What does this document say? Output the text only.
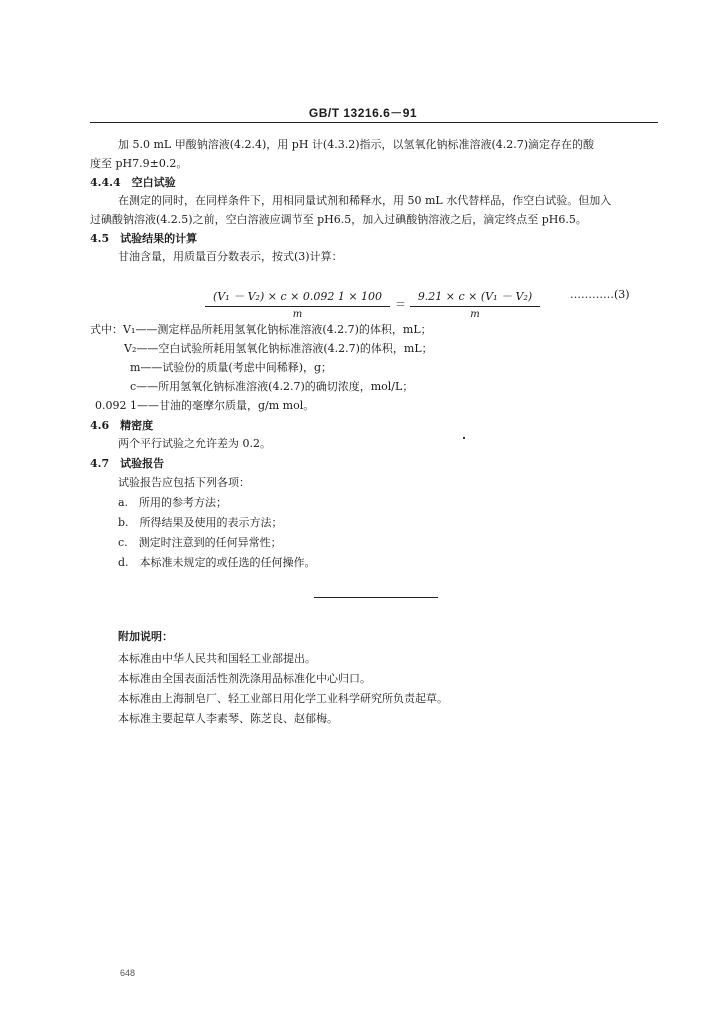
GB/T 13216.6－91
加 5.0 mL 甲酸钠溶液(4.2.4)，用 pH 计(4.3.2)指示，以氢氧化钠标准溶液(4.2.7)滴定存在的酸
度至 pH7.9±0.2。
4.4.4　空白试验
在测定的同时，在同样条件下，用相同量试剂和稀释水，用 50 mL 水代替样品，作空白试验。但加入
过碘酸钠溶液(4.2.5)之前，空白溶液应调节至 pH6.5，加入过碘酸钠溶液之后，滴定终点至 pH6.5。
4.5　试验结果的计算
甘油含量，用质量百分数表示，按式(3)计算：
(V₁ － V₂) × c × 0.092 1 × 100
m
＝
9.21 × c × (V₁ － V₂)
m
…………(3)
式中：V₁——测定样品所耗用氢氧化钠标准溶液(4.2.7)的体积，mL；
V₂——空白试验所耗用氢氧化钠标准溶液(4.2.7)的体积，mL；
m——试验份的质量(考虑中间稀释)，g；
c——所用氢氧化钠标准溶液(4.2.7)的确切浓度，mol/L；
0.092 1——甘油的毫摩尔质量，g/m mol。
4.6　精密度
两个平行试验之允许差为 0.2。
4.7　试验报告
试验报告应包括下列各项：
a.　所用的参考方法；
b.　所得结果及使用的表示方法；
c.　测定时注意到的任何异常性；
d.　本标准未规定的或任选的任何操作。
附加说明：
本标准由中华人民共和国轻工业部提出。
本标准由全国表面活性剂洗涤用品标准化中心归口。
本标准由上海制皂厂、轻工业部日用化学工业科学研究所负责起草。
本标准主要起草人李素琴、陈芝良、赵郁梅。
648
